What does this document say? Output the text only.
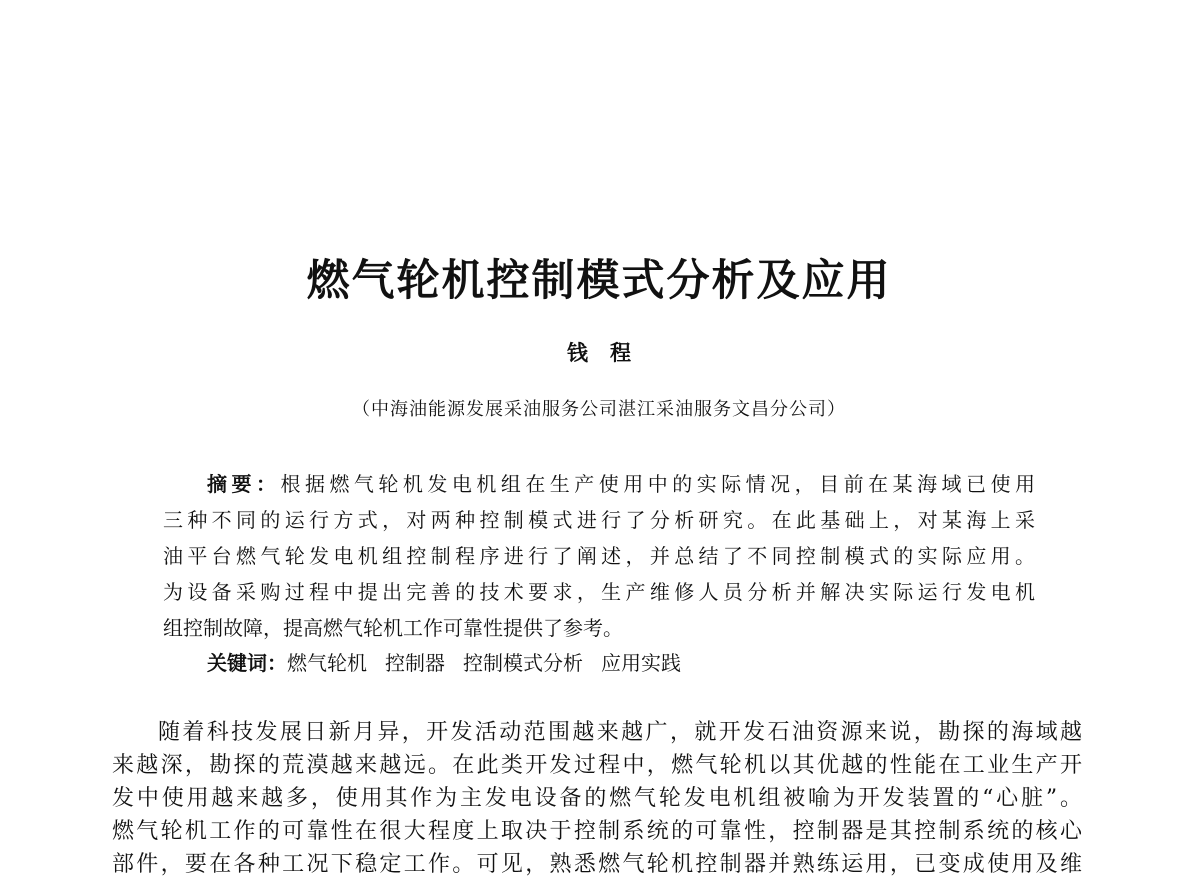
燃气轮机控制模式分析及应用
钱程
（中海油能源发展采油服务公司湛江采油服务文昌分公司）
摘要：根据燃气轮机发电机组在生产使用中的实际情况，目前在某海域已使用
三种不同的运行方式，对两种控制模式进行了分析研究。在此基础上，对某海上采
油平台燃气轮发电机组控制程序进行了阐述，并总结了不同控制模式的实际应用。
为设备采购过程中提出完善的技术要求，生产维修人员分析并解决实际运行发电机
组控制故障，提高燃气轮机工作可靠性提供了参考。
关键词：燃气轮机 控制器 控制模式分析 应用实践
随着科技发展日新月异，开发活动范围越来越广，就开发石油资源来说，勘探的海域越
来越深，勘探的荒漠越来越远。在此类开发过程中，燃气轮机以其优越的性能在工业生产开
发中使用越来越多，使用其作为主发电设备的燃气轮发电机组被喻为开发装置的“心脏”。
燃气轮机工作的可靠性在很大程度上取决于控制系统的可靠性，控制器是其控制系统的核心
部件，要在各种工况下稳定工作。可见，熟悉燃气轮机控制器并熟练运用，已变成使用及维
